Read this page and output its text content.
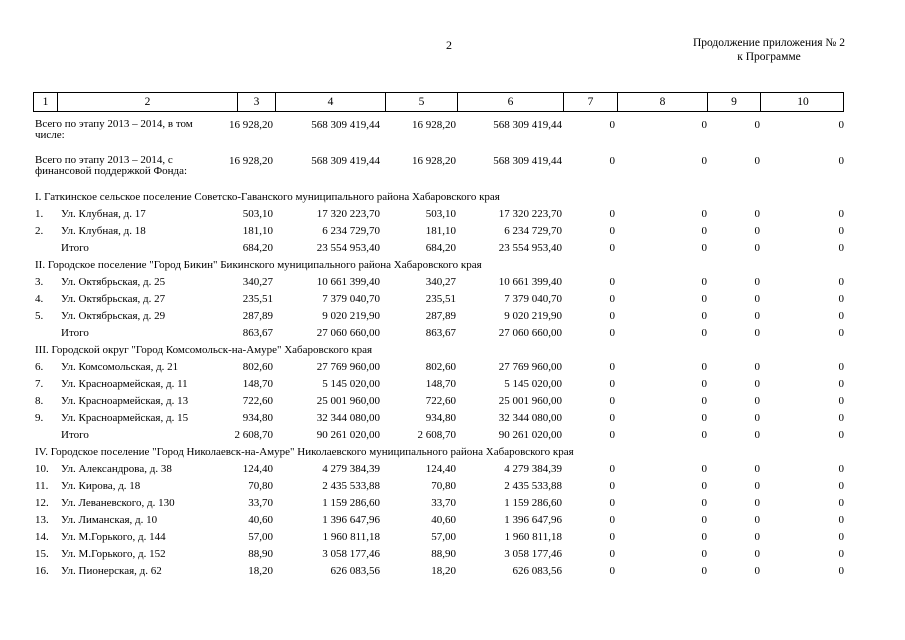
2	Продолжение приложения № 2
к Программе
1	2	3	4	5	6	7	8	9	10
Всего по этапу 2013 – 2014, в том числе:
16 928,20	568 309 419,44	16 928,20	568 309 419,44	0	0	0	0
Всего по этапу 2013 – 2014, с финансовой поддержкой Фонда:
16 928,20	568 309 419,44	16 928,20	568 309 419,44	0	0	0	0
I. Гаткинское сельское поселение Советско-Гаванского муниципального района Хабаровского края
1. Ул. Клубная, д. 17	503,10	17 320 223,70	503,10	17 320 223,70	0	0	0	0
2. Ул. Клубная, д. 18	181,10	6 234 729,70	181,10	6 234 729,70	0	0	0	0
Итого	684,20	23 554 953,40	684,20	23 554 953,40	0	0	0	0
II. Городское поселение "Город Бикин" Бикинского муниципального района Хабаровского края
3. Ул. Октябрьская, д. 25	340,27	10 661 399,40	340,27	10 661 399,40	0	0	0	0
4. Ул. Октябрьская, д. 27	235,51	7 379 040,70	235,51	7 379 040,70	0	0	0	0
5. Ул. Октябрьская, д. 29	287,89	9 020 219,90	287,89	9 020 219,90	0	0	0	0
Итого	863,67	27 060 660,00	863,67	27 060 660,00	0	0	0	0
III. Городской округ "Город Комсомольск-на-Амуре" Хабаровского края
6. Ул. Комсомольская, д. 21	802,60	27 769 960,00	802,60	27 769 960,00	0	0	0	0
7. Ул. Красноармейская, д. 11	148,70	5 145 020,00	148,70	5 145 020,00	0	0	0	0
8. Ул. Красноармейская, д. 13	722,60	25 001 960,00	722,60	25 001 960,00	0	0	0	0
9. Ул. Красноармейская, д. 15	934,80	32 344 080,00	934,80	32 344 080,00	0	0	0	0
Итого	2 608,70	90 261 020,00	2 608,70	90 261 020,00	0	0	0	0
IV. Городское поселение "Город Николаевск-на-Амуре" Николаевского муниципального района Хабаровского края
10. Ул. Александрова, д. 38	124,40	4 279 384,39	124,40	4 279 384,39	0	0	0	0
11. Ул. Кирова, д. 18	70,80	2 435 533,88	70,80	2 435 533,88	0	0	0	0
12. Ул. Леваневского, д. 130	33,70	1 159 286,60	33,70	1 159 286,60	0	0	0	0
13. Ул. Лиманская, д. 10	40,60	1 396 647,96	40,60	1 396 647,96	0	0	0	0
14. Ул. М.Горького, д. 144	57,00	1 960 811,18	57,00	1 960 811,18	0	0	0	0
15. Ул. М.Горького, д. 152	88,90	3 058 177,46	88,90	3 058 177,46	0	0	0	0
16. Ул. Пионерская, д. 62	18,20	626 083,56	18,20	626 083,56	0	0	0	0
